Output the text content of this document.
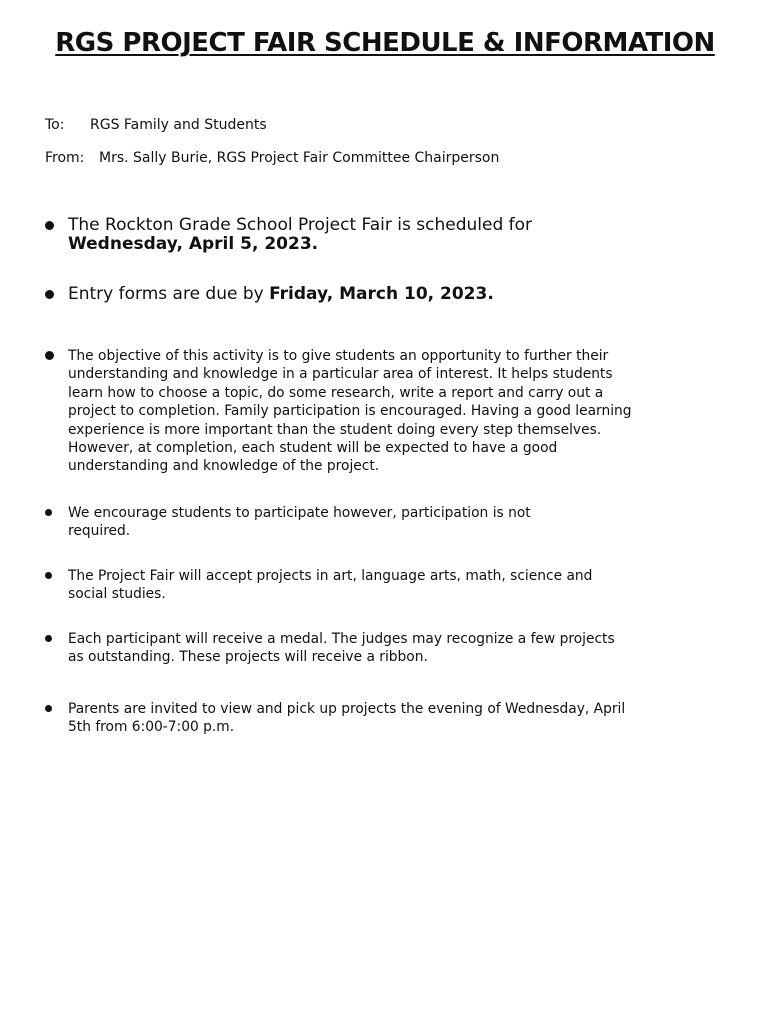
RGS PROJECT FAIR SCHEDULE & INFORMATION
To: RGS Family and Students
From: Mrs. Sally Burie, RGS Project Fair Committee Chairperson
The Rockton Grade School Project Fair is scheduled for
Wednesday, April 5, 2023.
Entry forms are due by Friday, March 10, 2023.
The objective of this activity is to give students an opportunity to further their
understanding and knowledge in a particular area of interest. It helps students
learn how to choose a topic, do some research, write a report and carry out a
project to completion. Family participation is encouraged. Having a good learning
experience is more important than the student doing every step themselves.
However, at completion, each student will be expected to have a good
understanding and knowledge of the project.
We encourage students to participate however, participation is not
required.
The Project Fair will accept projects in art, language arts, math, science and
social studies.
Each participant will receive a medal. The judges may recognize a few projects
as outstanding. These projects will receive a ribbon.
Parents are invited to view and pick up projects the evening of Wednesday, April
5th from 6:00-7:00 p.m.
